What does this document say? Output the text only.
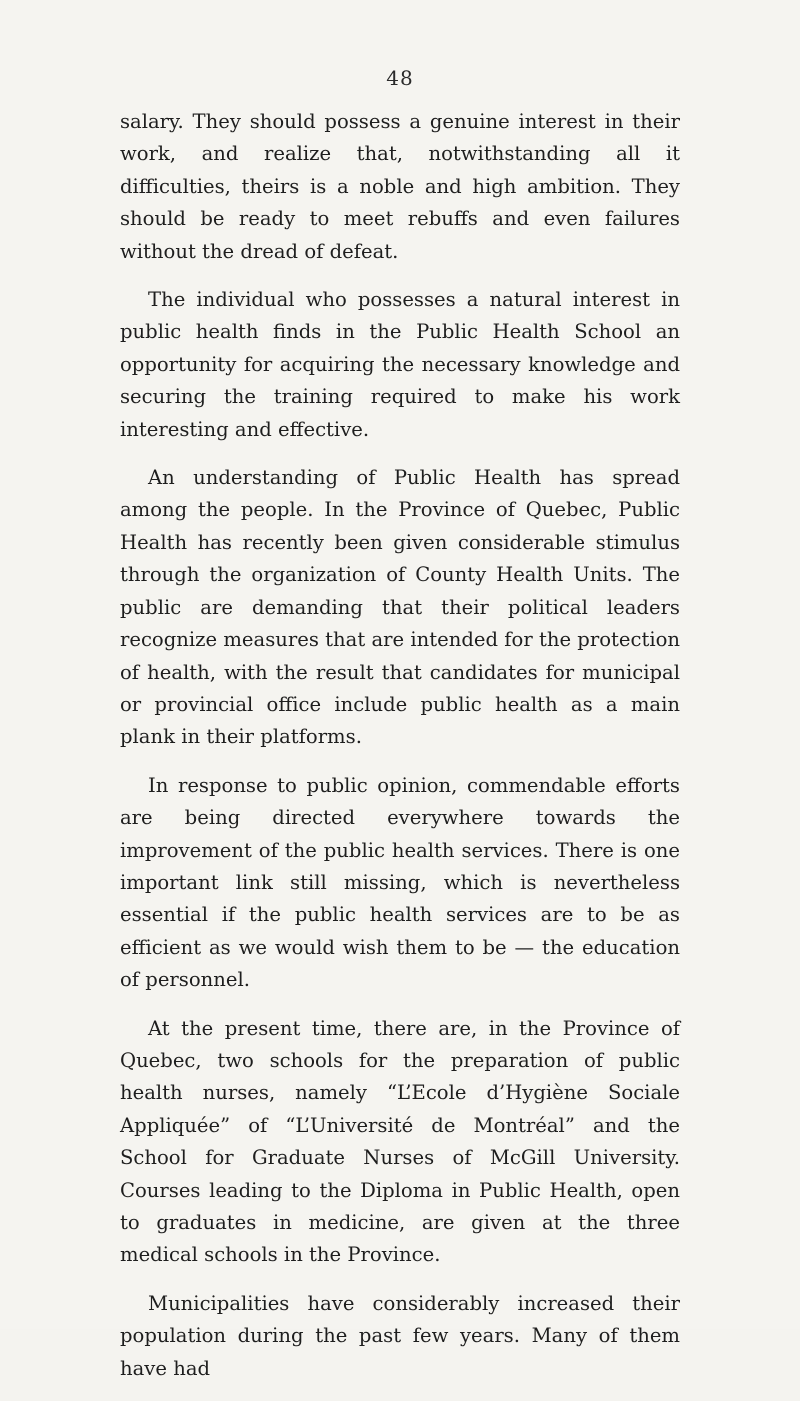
48

salary. They should possess a genuine interest in their work, and realize that, notwithstanding all it difficulties, theirs is a noble and high ambition. They should be ready to meet rebuffs and even failures without the dread of defeat.

The individual who possesses a natural interest in public health finds in the Public Health School an opportunity for acquiring the necessary knowledge and securing the training required to make his work interesting and effective.

An understanding of Public Health has spread among the people. In the Province of Quebec, Public Health has recently been given considerable stimulus through the organization of County Health Units. The public are demanding that their political leaders recognize measures that are intended for the protection of health, with the result that candidates for municipal or provincial office include public health as a main plank in their platforms.

In response to public opinion, commendable efforts are being directed everywhere towards the improvement of the public health services. There is one important link still missing, which is nevertheless essential if the public health services are to be as efficient as we would wish them to be — the education of personnel.

At the present time, there are, in the Province of Quebec, two schools for the preparation of public health nurses, namely “L’Ecole d’Hygiène Sociale Appliquée” of “L’Université de Montréal” and the School for Graduate Nurses of McGill University. Courses leading to the Diploma in Public Health, open to graduates in medicine, are given at the three medical schools in the Province.

Municipalities have considerably increased their population during the past few years. Many of them have had
